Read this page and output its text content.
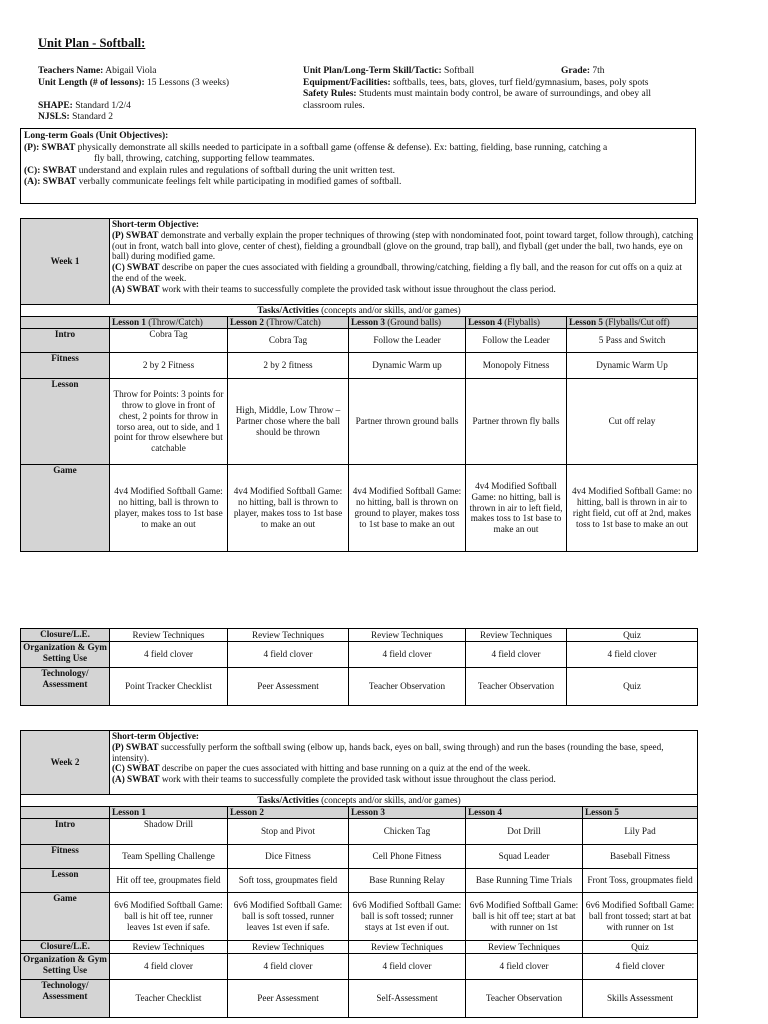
Unit Plan - Softball:
Teachers Name: Abigail Viola
Unit Length (# of lessons): 15 Lessons (3 weeks)
SHAPE: Standard 1/2/4
NJSLS: Standard 2
Unit Plan/Long-Term Skill/Tactic: Softball	Grade: 7th
Equipment/Facilities: softballs, tees, bats, gloves, turf field/gymnasium, bases, poly spots
Safety Rules: Students must maintain body control, be aware of surroundings, and obey all classroom rules.
Long-term Goals (Unit Objectives):
(P): SWBAT physically demonstrate all skills needed to participate in a softball game (offense & defense). Ex: batting, fielding, base running, catching a
fly ball, throwing, catching, supporting fellow teammates.
(C): SWBAT understand and explain rules and regulations of softball during the unit written test.
(A): SWBAT verbally communicate feelings felt while participating in modified games of softball.
Week 1	Short-term Objective:
(P) SWBAT demonstrate and verbally explain the proper techniques of throwing (step with nondominated foot, point toward target, follow through), catching (out in front, watch ball into glove, center of chest), fielding a groundball (glove on the ground, trap ball), and flyball (get under the ball, two hands, eye on ball) during modified game.
(C) SWBAT describe on paper the cues associated with fielding a groundball, throwing/catching, fielding a fly ball, and the reason for cut offs on a quiz at the end of the week.
(A) SWBAT work with their teams to successfully complete the provided task without issue throughout the class period.				
Tasks/Activities (concepts and/or skills, and/or games)					
	Lesson 1 (Throw/Catch)	Lesson 2 (Throw/Catch)	Lesson 3 (Ground balls)	Lesson 4 (Flyballs)	Lesson 5 (Flyballs/Cut off)
Intro	Cobra Tag	Cobra Tag	Follow the Leader	Follow the Leader	5 Pass and Switch
Fitness	2 by 2 Fitness	2 by 2 fitness	Dynamic Warm up	Monopoly Fitness	Dynamic Warm Up
Lesson	Throw for Points: 3 points for throw to glove in front of chest, 2 points for throw in torso area, out to side, and 1 point for throw elsewhere but catchable	High, Middle, Low Throw – Partner chose where the ball should be thrown	Partner thrown ground balls	Partner thrown fly balls	Cut off relay
Game	4v4 Modified Softball Game: no hitting, ball is thrown to player, makes toss to 1st base to make an out	4v4 Modified Softball Game: no hitting, ball is thrown to player, makes toss to 1st base to make an out	4v4 Modified Softball Game: no hitting, ball is thrown on ground to player, makes toss to 1st base to make an out	4v4 Modified Softball Game: no hitting, ball is thrown in air to left field, makes toss to 1st base to make an out	4v4 Modified Softball Game: no hitting, ball is thrown in air to right field, cut off at 2nd, makes toss to 1st base to make an out
Closure/L.E.	Review Techniques	Review Techniques	Review Techniques	Review Techniques	Quiz
Organization & Gym Setting Use	4 field clover	4 field clover	4 field clover	4 field clover	4 field clover
Technology/ Assessment	Point Tracker Checklist	Peer Assessment	Teacher Observation	Teacher Observation	Quiz
Week 2	Short-term Objective:
(P) SWBAT successfully perform the softball swing (elbow up, hands back, eyes on ball, swing through) and run the bases (rounding the base, speed, intensity).
(C) SWBAT describe on paper the cues associated with hitting and base running on a quiz at the end of the week.
(A) SWBAT work with their teams to successfully complete the provided task without issue throughout the class period.				
Tasks/Activities (concepts and/or skills, and/or games)					
	Lesson 1	Lesson 2	Lesson 3	Lesson 4	Lesson 5
Intro	Shadow Drill	Stop and Pivot	Chicken Tag	Dot Drill	Lily Pad
Fitness	Team Spelling Challenge	Dice Fitness	Cell Phone Fitness	Squad Leader	Baseball Fitness
Lesson	Hit off tee, groupmates field	Soft toss, groupmates field	Base Running Relay	Base Running Time Trials	Front Toss, groupmates field
Game	6v6 Modified Softball Game: ball is hit off tee, runner leaves 1st even if safe.	6v6 Modified Softball Game: ball is soft tossed, runner leaves 1st even if safe.	6v6 Modified Softball Game: ball is soft tossed; runner stays at 1st even if out.	6v6 Modified Softball Game: ball is hit off tee; start at bat with runner on 1st	6v6 Modified Softball Game: ball front tossed; start at bat with runner on 1st
Closure/L.E.	Review Techniques	Review Techniques	Review Techniques	Review Techniques	Quiz
Organization & Gym Setting Use	4 field clover	4 field clover	4 field clover	4 field clover	4 field clover
Technology/ Assessment	Teacher Checklist	Peer Assessment	Self-Assessment	Teacher Observation	Skills Assessment
